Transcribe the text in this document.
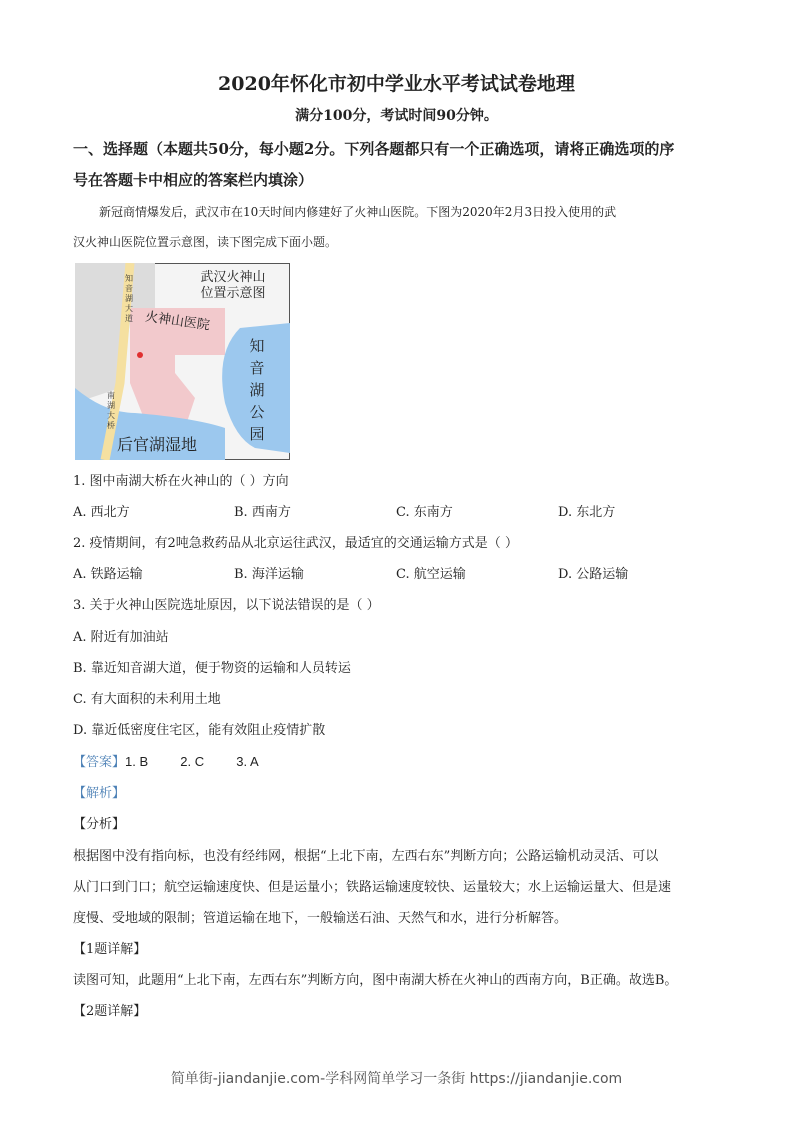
2020年怀化市初中学业水平考试试卷地理
满分100分，考试时间90分钟。
一、选择题（本题共50分，每小题2分。下列各题都只有一个正确选项，请将正确选项的序
号在答题卡中相应的答案栏内填涂）
新冠商情爆发后，武汉市在10天时间内修建好了火神山医院。下图为2020年2月3日投入使用的武
汉火神山医院位置示意图，读下图完成下面小题。
武汉火神山
位置示意图
火神山医院
知
音
湖
公
园
后官湖湿地
知
音
湖
大
道
南
湖
大
桥
1. 图中南湖大桥在火神山的（ ）方向
A. 西北方	B. 西南方	C. 东南方	D. 东北方
2. 疫情期间，有2吨急救药品从北京运往武汉，最适宜的交通运输方式是（ ）
A. 铁路运输	B. 海洋运输	C. 航空运输	D. 公路运输
3. 关于火神山医院选址原因，以下说法错误的是（ ）
A. 附近有加油站
B. 靠近知音湖大道，便于物资的运输和人员转运
C. 有大面积的未利用土地
D. 靠近低密度住宅区，能有效阻止疫情扩散
【答案】1. B 2. C 3. A
【解析】
【分析】
根据图中没有指向标，也没有经纬网，根据“上北下南，左西右东”判断方向；公路运输机动灵活、可以
从门口到门口；航空运输速度快、但是运量小；铁路运输速度较快、运量较大；水上运输运量大、但是速
度慢、受地域的限制；管道运输在地下，一般输送石油、天然气和水，进行分析解答。
【1题详解】
读图可知，此题用“上北下南，左西右东”判断方向，图中南湖大桥在火神山的西南方向，B正确。故选B。
【2题详解】
简单街-jiandanjie.com-学科网简单学习一条街 https://jiandanjie.com
